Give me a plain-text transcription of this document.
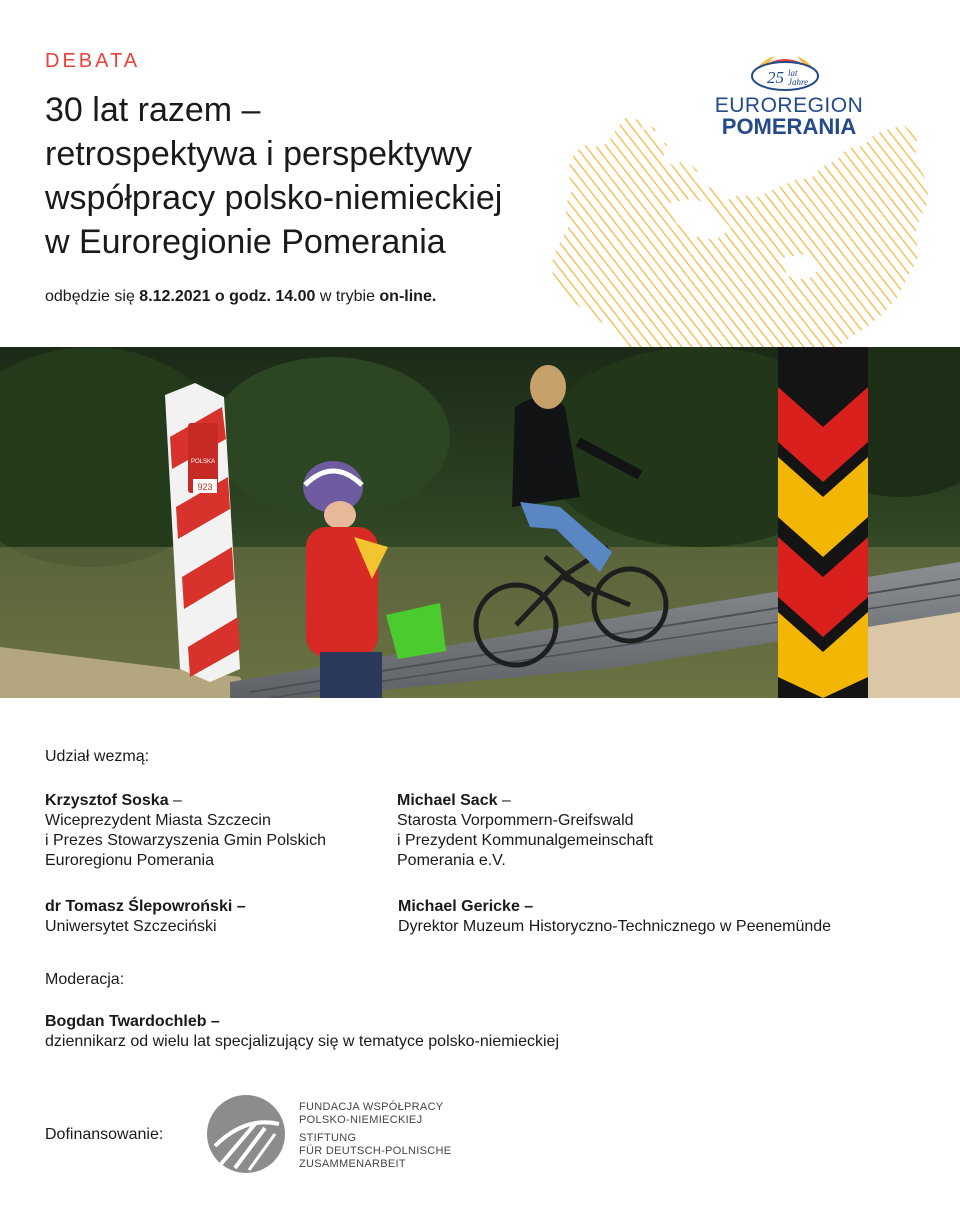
DEBATA
30 lat razem –
retrospektywa i perspektywy
współpracy polsko-niemieckiej
w Euroregionie Pomerania
odbędzie się 8.12.2021 o godz. 14.00 w trybie on-line.
25 lat
Jahre
EUROREGION
POMERANIA
POLSKA
923
Udział wezmą:
Krzysztof Soska –
Wiceprezydent Miasta Szczecin
i Prezes Stowarzyszenia Gmin Polskich
Euroregionu Pomerania
Michael Sack –
Starosta Vorpommern-Greifswald
i Prezydent Kommunalgemeinschaft
Pomerania e.V.
dr Tomasz Ślepowroński –
Uniwersytet Szczeciński
Michael Gericke –
Dyrektor Muzeum Historyczno-Technicznego w Peenemünde
Moderacja:
Bogdan Twardochleb –
dziennikarz od wielu lat specjalizujący się w tematyce polsko-niemieckiej
Dofinansowanie:
FUNDACJA WSPÓŁPRACY
POLSKO-NIEMIECKIEJ
STIFTUNG
FÜR DEUTSCH-POLNISCHE
ZUSAMMENARBEIT
